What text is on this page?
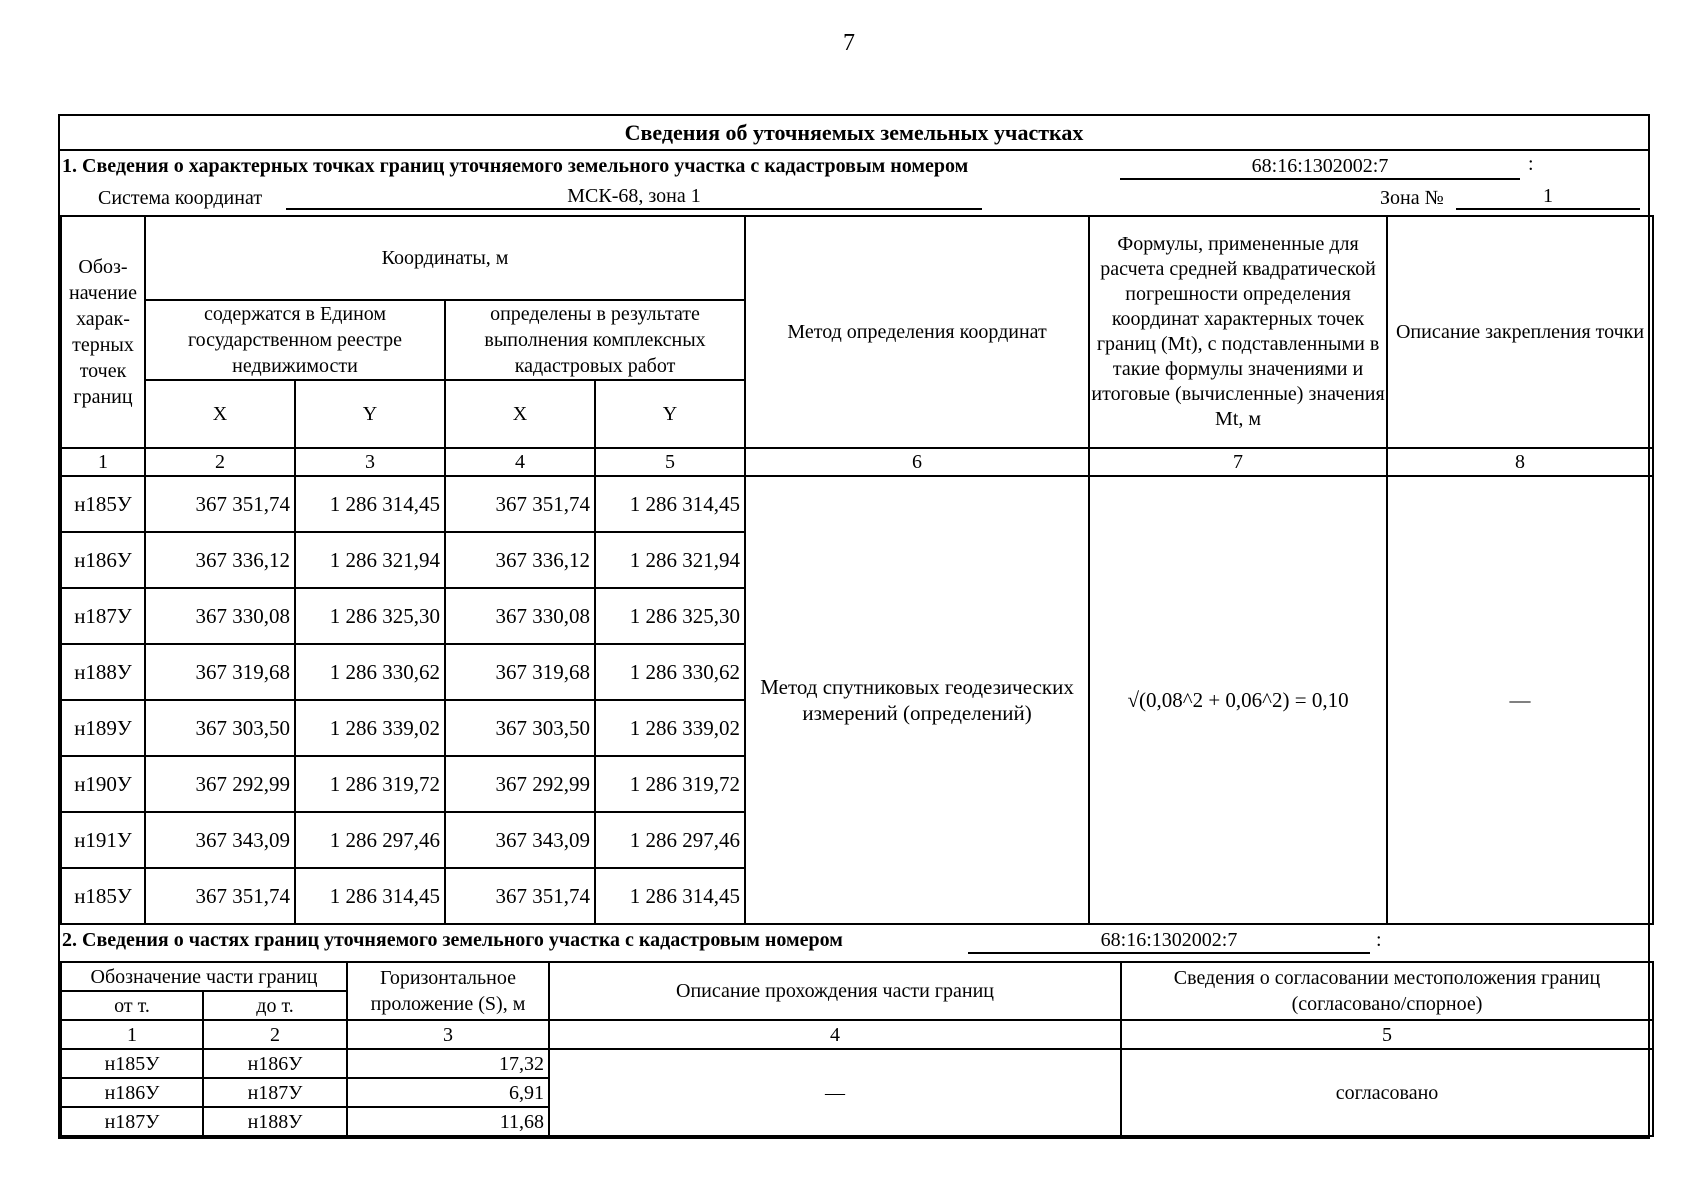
7
Сведения об уточняемых земельных участках
1. Сведения о характерных точках границ уточняемого земельного участка с кадастровым номером	68:16:1302002:7	:
Система координат	МСК-68, зона 1	Зона №	1
Обоз-начение харак-терных точек границ	Координаты, м				Метод определения координат	Формулы, примененные для расчета средней квадратической погрешности определения координат характерных точек границ (Mt), с подставленными в такие формулы значениями и итоговые (вычисленные) значения Mt, м	Описание закрепления точки
	содержатся в Едином государственном реестре недвижимости		определены в результате выполнения комплексных кадастровых работ				
	X	Y	X	Y			
1	2	3	4	5	6	7	8
н185У	367 351,74	1 286 314,45	367 351,74	1 286 314,45	Метод спутниковых геодезических измерений (определений)	√(0,08^2 + 0,06^2) = 0,10	—
н186У	367 336,12	1 286 321,94	367 336,12	1 286 321,94			
н187У	367 330,08	1 286 325,30	367 330,08	1 286 325,30			
н188У	367 319,68	1 286 330,62	367 319,68	1 286 330,62			
н189У	367 303,50	1 286 339,02	367 303,50	1 286 339,02			
н190У	367 292,99	1 286 319,72	367 292,99	1 286 319,72			
н191У	367 343,09	1 286 297,46	367 343,09	1 286 297,46			
н185У	367 351,74	1 286 314,45	367 351,74	1 286 314,45			
2. Сведения о частях границ уточняемого земельного участка с кадастровым номером	68:16:1302002:7	:
Обозначение части границ		Горизонтальное проложение (S), м	Описание прохождения части границ	Сведения о согласовании местоположения границ (согласовано/спорное)
от т.	до т.			
1	2	3	4	5
н185У	н186У	17,32	—	согласовано
н186У	н187У	6,91		
н187У	н188У	11,68		
